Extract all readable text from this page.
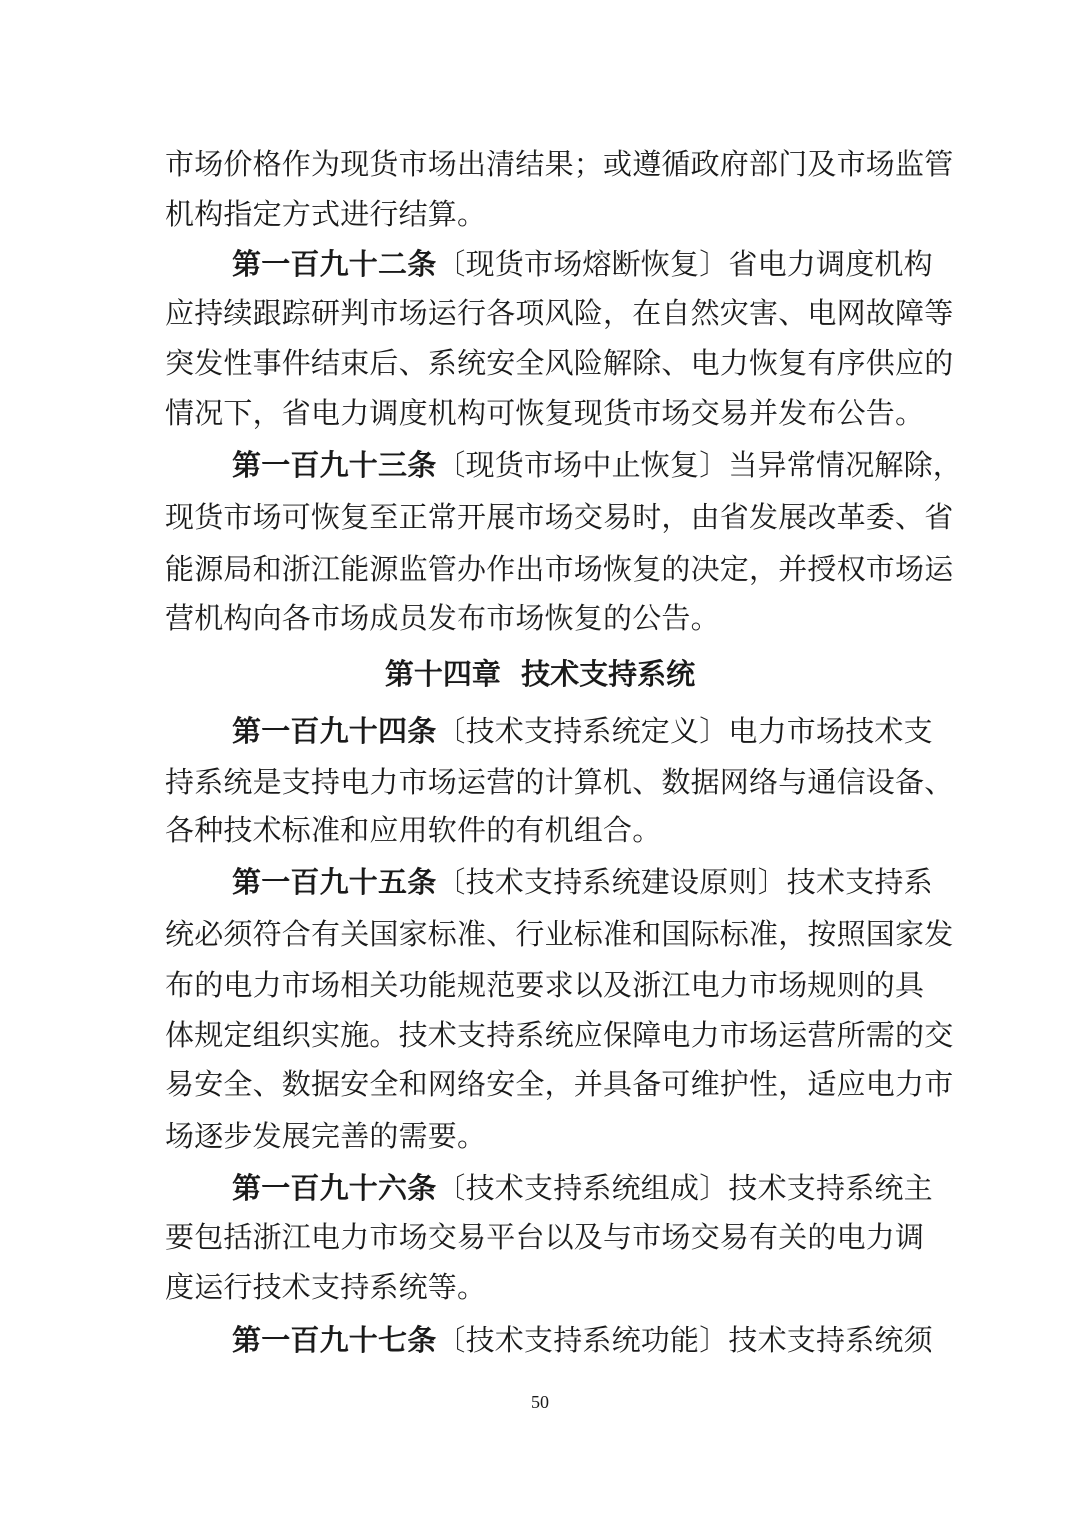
市场价格作为现货市场出清结果；或遵循政府部门及市场监管
机构指定方式进行结算。
第一百九十二条〔现货市场熔断恢复〕省电力调度机构
应持续跟踪研判市场运行各项风险，在自然灾害、电网故障等
突发性事件结束后、系统安全风险解除、电力恢复有序供应的
情况下，省电力调度机构可恢复现货市场交易并发布公告。
第一百九十三条〔现货市场中止恢复〕当异常情况解除，
现货市场可恢复至正常开展市场交易时，由省发展改革委、省
能源局和浙江能源监管办作出市场恢复的决定，并授权市场运
营机构向各市场成员发布市场恢复的公告。
第十四章  技术支持系统
第一百九十四条〔技术支持系统定义〕电力市场技术支
持系统是支持电力市场运营的计算机、数据网络与通信设备、
各种技术标准和应用软件的有机组合。
第一百九十五条〔技术支持系统建设原则〕技术支持系
统必须符合有关国家标准、行业标准和国际标准，按照国家发
布的电力市场相关功能规范要求以及浙江电力市场规则的具
体规定组织实施。技术支持系统应保障电力市场运营所需的交
易安全、数据安全和网络安全，并具备可维护性，适应电力市
场逐步发展完善的需要。
第一百九十六条〔技术支持系统组成〕技术支持系统主
要包括浙江电力市场交易平台以及与市场交易有关的电力调
度运行技术支持系统等。
第一百九十七条〔技术支持系统功能〕技术支持系统须
50
